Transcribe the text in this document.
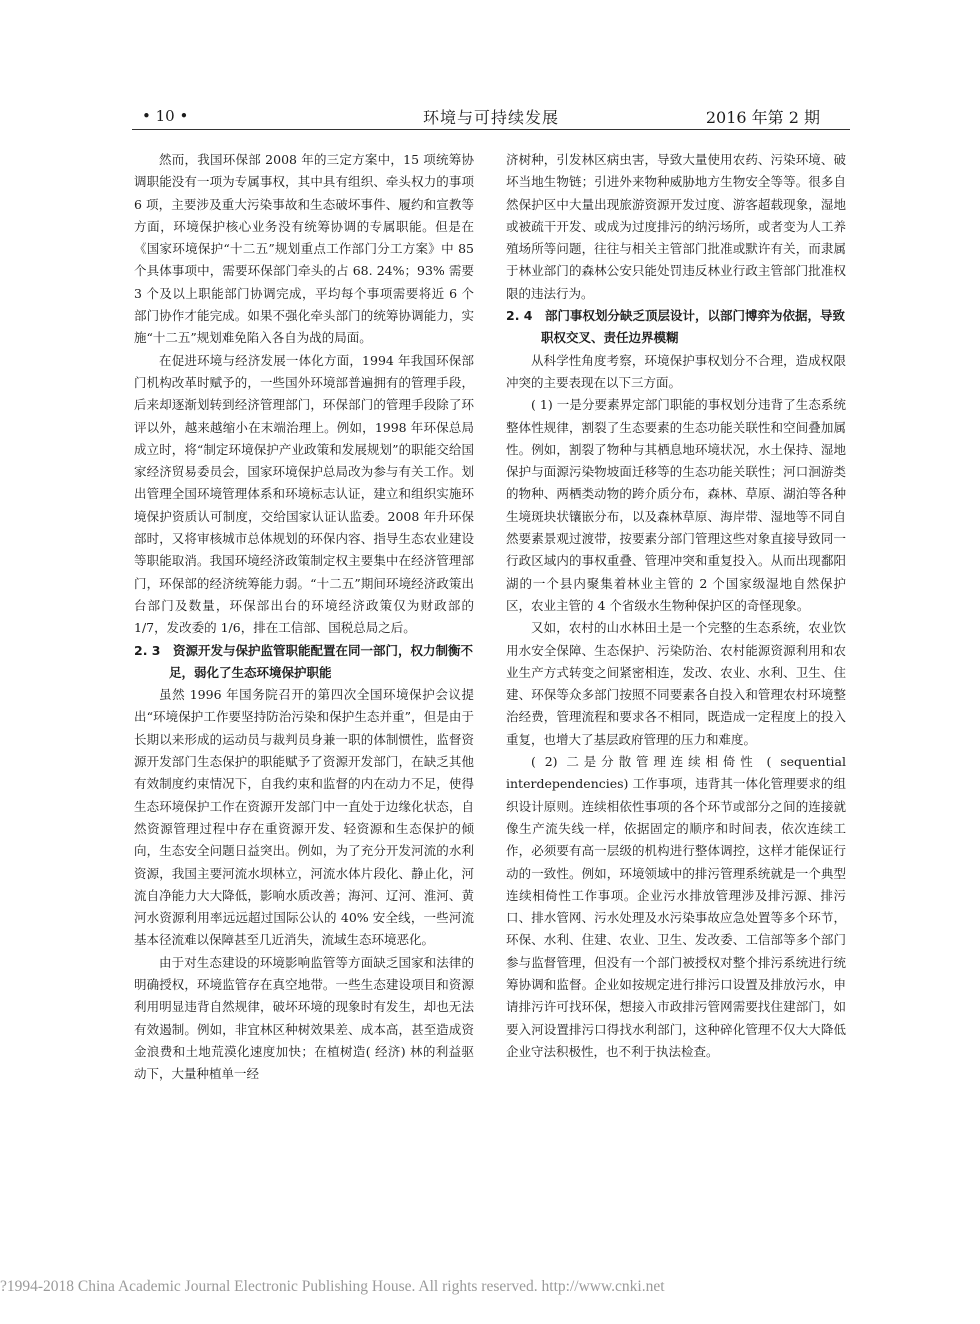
• 10 •	环境与可持续发展	2016 年第 2 期

然而，我国环保部 2008 年的三定方案中，15 项统筹协调职能没有一项为专属事权，其中具有组织、牵头权力的事项 6 项，主要涉及重大污染事故和生态破坏事件、履约和宣教等方面，环境保护核心业务没有统筹协调的专属职能。但是在《国家环境保护“十二五”规划重点工作部门分工方案》中 85 个具体事项中，需要环保部门牵头的占 68. 24%；93% 需要 3 个及以上职能部门协调完成，平均每个事项需要将近 6 个部门协作才能完成。如果不强化牵头部门的统筹协调能力，实施“十二五”规划难免陷入各自为战的局面。

在促进环境与经济发展一体化方面，1994 年我国环保部门机构改革时赋予的，一些国外环境部普遍拥有的管理手段，后来却逐渐划转到经济管理部门，环保部门的管理手段除了环评以外，越来越缩小在末端治理上。例如，1998 年环保总局成立时，将“制定环境保护产业政策和发展规划”的职能交给国家经济贸易委员会，国家环境保护总局改为参与有关工作。划出管理全国环境管理体系和环境标志认证，建立和组织实施环境保护资质认可制度，交给国家认证认监委。2008 年升环保部时，又将审核城市总体规划的环保内容、指导生态农业建设等职能取消。我国环境经济政策制定权主要集中在经济管理部门，环保部的经济统筹能力弱。“十二五”期间环境经济政策出台部门及数量，环保部出台的环境经济政策仅为财政部的 1/7，发改委的 1/6，排在工信部、国税总局之后。

2. 3　资源开发与保护监管职能配置在同一部门，权力制衡不足，弱化了生态环境保护职能

虽然 1996 年国务院召开的第四次全国环境保护会议提出“环境保护工作要坚持防治污染和保护生态并重”，但是由于长期以来形成的运动员与裁判员身兼一职的体制惯性，监督资源开发部门生态保护的职能赋予了资源开发部门，在缺乏其他有效制度约束情况下，自我约束和监督的内在动力不足，使得生态环境保护工作在资源开发部门中一直处于边缘化状态，自然资源管理过程中存在重资源开发、轻资源和生态保护的倾向，生态安全问题日益突出。例如，为了充分开发河流的水利资源，我国主要河流水坝林立，河流水体片段化、静止化，河流自净能力大大降低，影响水质改善；海河、辽河、淮河、黄河水资源利用率远远超过国际公认的 40% 安全线，一些河流基本径流难以保障甚至几近消失，流域生态环境恶化。

由于对生态建设的环境影响监管等方面缺乏国家和法律的明确授权，环境监管存在真空地带。一些生态建设项目和资源利用明显违背自然规律，破坏环境的现象时有发生，却也无法有效遏制。例如，非宜林区种树效果差、成本高，甚至造成资金浪费和土地荒漠化速度加快；在植树造( 经济) 林的利益驱动下，大量种植单一经

济树种，引发林区病虫害，导致大量使用农药、污染环境、破坏当地生物链；引进外来物种威胁地方生物安全等等。很多自然保护区中大量出现旅游资源开发过度、游客超载现象，湿地或被疏干开发、或成为过度排污的纳污场所，或者变为人工养殖场所等问题，往往与相关主管部门批准或默许有关，而隶属于林业部门的森林公安只能处罚违反林业行政主管部门批准权限的违法行为。

2. 4　部门事权划分缺乏顶层设计，以部门博弈为依据，导致职权交叉、责任边界模糊

从科学性角度考察，环境保护事权划分不合理，造成权限冲突的主要表现在以下三方面。

( 1) 一是分要素界定部门职能的事权划分违背了生态系统整体性规律，割裂了生态要素的生态功能关联性和空间叠加属性。例如，割裂了物种与其栖息地环境状况，水土保持、湿地保护与面源污染物坡面迁移等的生态功能关联性；河口洄游类的物种、两栖类动物的跨介质分布，森林、草原、湖泊等各种生境斑块状镶嵌分布，以及森林草原、海岸带、湿地等不同自然要素景观过渡带，按要素分部门管理这些对象直接导致同一行政区域内的事权重叠、管理冲突和重复投入。从而出现鄱阳湖的一个县内聚集着林业主管的 2 个国家级湿地自然保护区，农业主管的 4 个省级水生物种保护区的奇怪现象。

又如，农村的山水林田土是一个完整的生态系统，农业饮用水安全保障、生态保护、污染防治、农村能源资源利用和农业生产方式转变之间紧密相连，发改、农业、水利、卫生、住建、环保等众多部门按照不同要素各自投入和管理农村环境整治经费，管理流程和要求各不相同，既造成一定程度上的投入重复，也增大了基层政府管理的压力和难度。

( 2) 二是分散管理连续相倚性 ( sequential interdependencies) 工作事项，违背其一体化管理要求的组织设计原则。连续相依性事项的各个环节或部分之间的连接就像生产流失线一样，依据固定的顺序和时间表，依次连续工作，必须要有高一层级的机构进行整体调控，这样才能保证行动的一致性。例如，环境领域中的排污管理系统就是一个典型连续相倚性工作事项。企业污水排放管理涉及排污源、排污口、排水管网、污水处理及水污染事故应急处置等多个环节，环保、水利、住建、农业、卫生、发改委、工信部等多个部门参与监督管理，但没有一个部门被授权对整个排污系统进行统筹协调和监督。企业如按规定进行排污口设置及排放污水，申请排污许可找环保，想接入市政排污管网需要找住建部门，如要入河设置排污口得找水利部门，这种碎化管理不仅大大降低企业守法积极性，也不利于执法检查。

?1994-2018 China Academic Journal Electronic Publishing House. All rights reserved. http://www.cnki.net
